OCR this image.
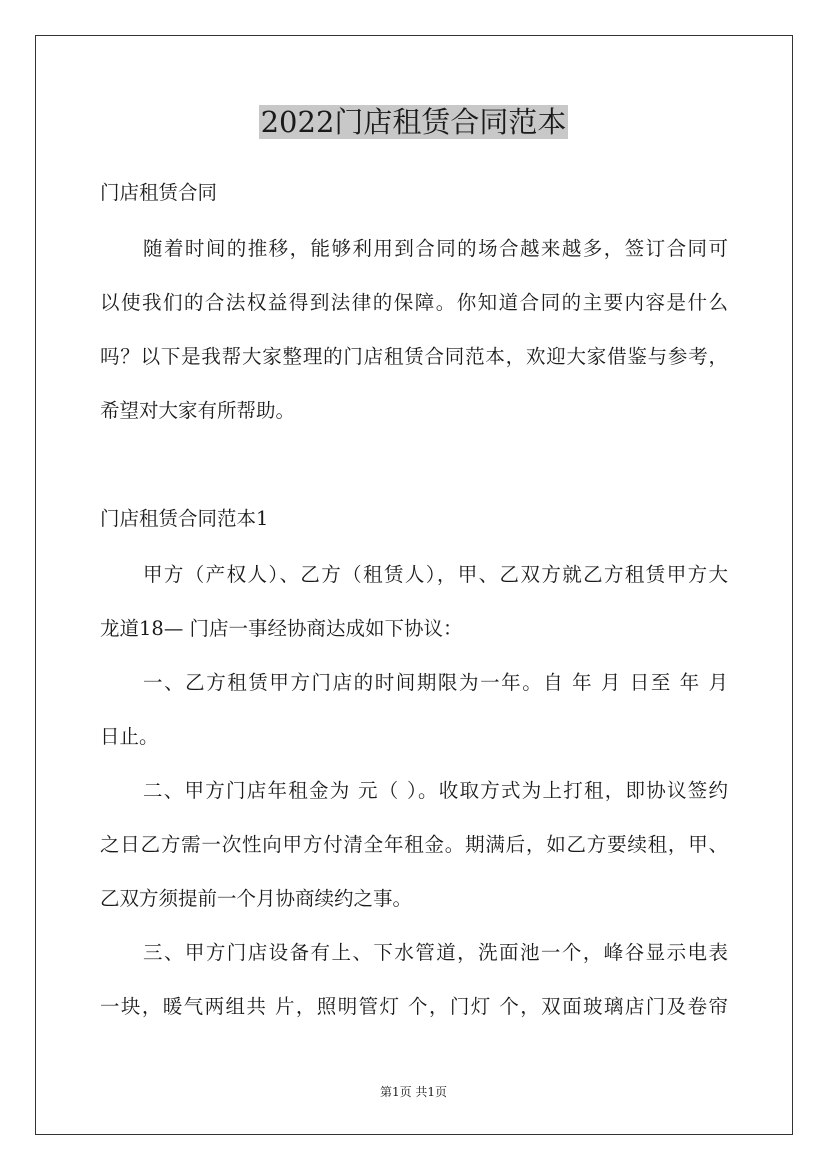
2022门店租赁合同范本
门店租赁合同
随着时间的推移，能够利用到合同的场合越来越多，签订合同可
以使我们的合法权益得到法律的保障。你知道合同的主要内容是什么
吗？以下是我帮大家整理的门店租赁合同范本，欢迎大家借鉴与参考，
希望对大家有所帮助。
门店租赁合同范本1
甲方（产权人）、乙方（租赁人），甲、乙双方就乙方租赁甲方大
龙道18— 门店一事经协商达成如下协议：
一、乙方租赁甲方门店的时间期限为一年。自 年 月 日至 年 月
日止。
二、甲方门店年租金为 元（ ）。收取方式为上打租，即协议签约
之日乙方需一次性向甲方付清全年租金。期满后，如乙方要续租，甲、
乙双方须提前一个月协商续约之事。
三、甲方门店设备有上、下水管道，洗面池一个，峰谷显示电表
一块，暖气两组共 片，照明管灯 个，门灯 个，双面玻璃店门及卷帘
第1页 共1页
